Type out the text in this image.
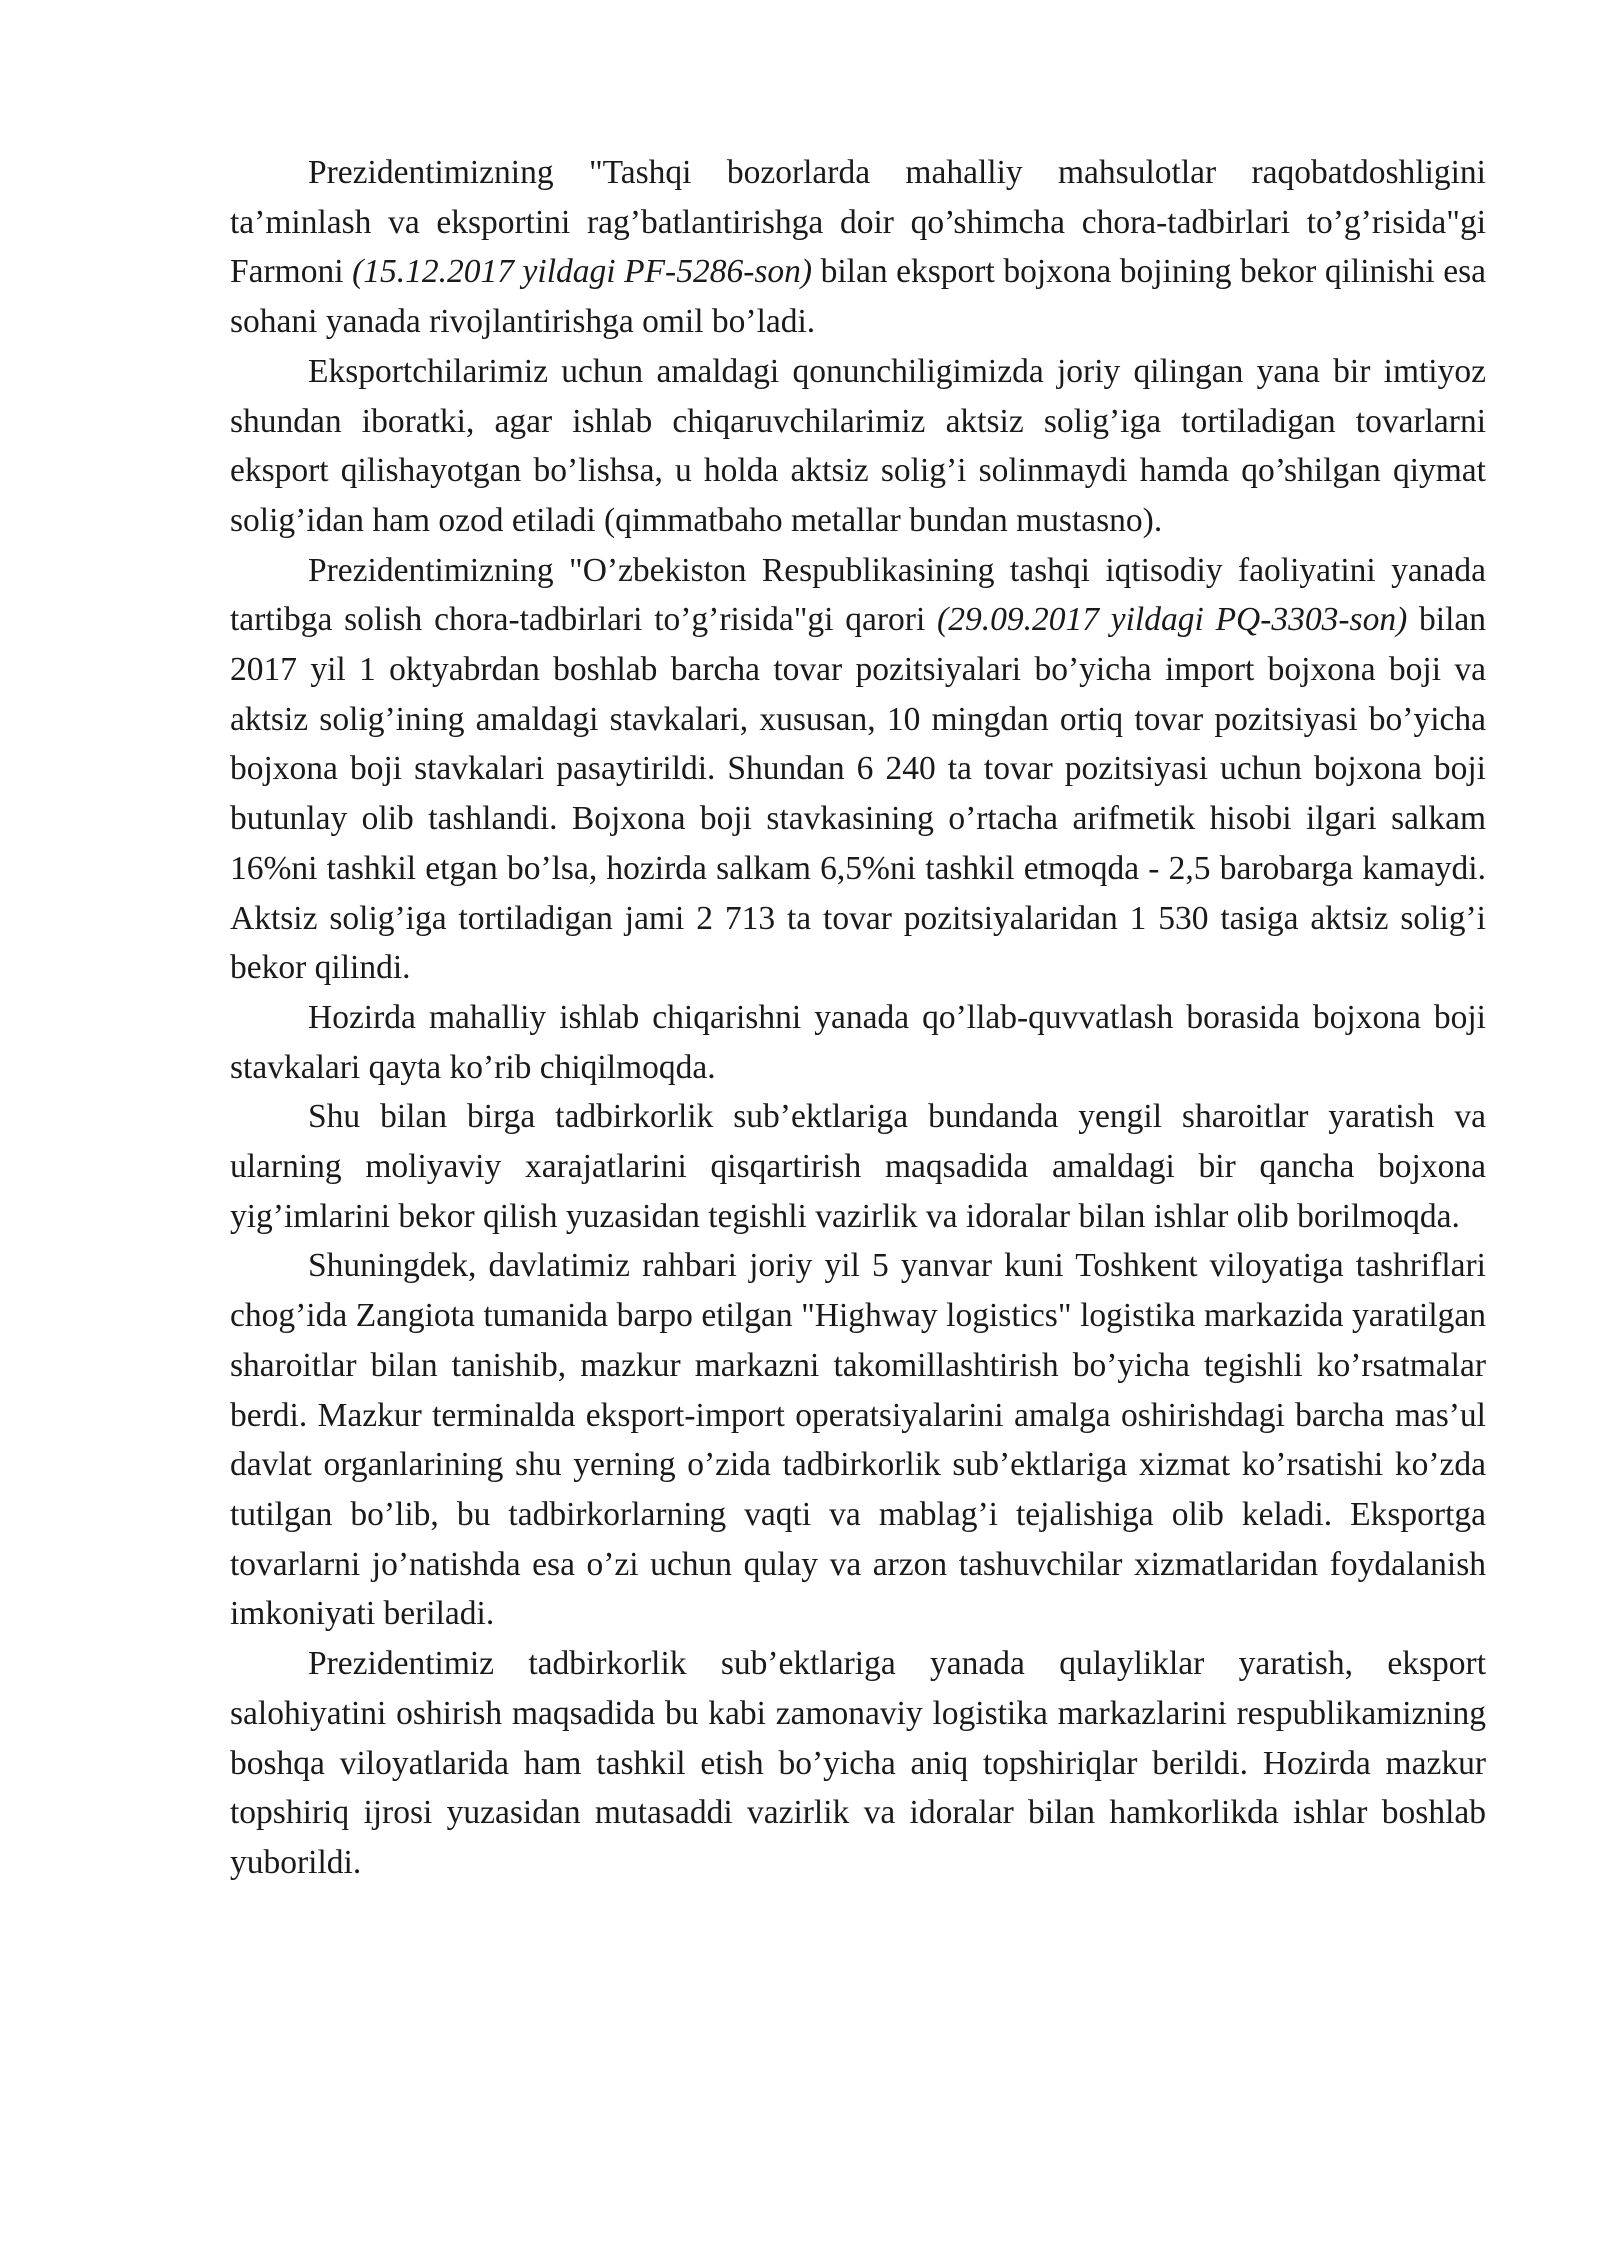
Prezidentimizning "Tashqi bozorlarda mahalliy mahsulotlar raqobatdoshligini ta’minlash va eksportini rag’batlantirishga doir qo’shimcha chora-tadbirlari to’g’risida"gi Farmoni (15.12.2017 yildagi PF-5286-son) bilan eksport bojxona bojining bekor qilinishi esa sohani yanada rivojlantirishga omil bo’ladi.

Eksportchilarimiz uchun amaldagi qonunchiligimizda joriy qilingan yana bir imtiyoz shundan iboratki, agar ishlab chiqaruvchilarimiz aktsiz solig’iga tortiladigan tovarlarni eksport qilishayotgan bo’lishsa, u holda aktsiz solig’i solinmaydi hamda qo’shilgan qiymat solig’idan ham ozod etiladi (qimmatbaho metallar bundan mustasno).

Prezidentimizning "O’zbekiston Respublikasining tashqi iqtisodiy faoliyatini yanada tartibga solish chora-tadbirlari to’g’risida"gi qarori (29.09.2017 yildagi PQ-3303-son) bilan 2017 yil 1 oktyabrdan boshlab barcha tovar pozitsiyalari bo’yicha import bojxona boji va aktsiz solig’ining amaldagi stavkalari, xususan, 10 mingdan ortiq tovar pozitsiyasi bo’yicha bojxona boji stavkalari pasaytirildi. Shundan 6 240 ta tovar pozitsiyasi uchun bojxona boji butunlay olib tashlandi. Bojxona boji stavkasining o’rtacha arifmetik hisobi ilgari salkam 16%ni tashkil etgan bo’lsa, hozirda salkam 6,5%ni tashkil etmoqda - 2,5 barobarga kamaydi. Aktsiz solig’iga tortiladigan jami 2 713 ta tovar pozitsiyalaridan 1 530 tasiga aktsiz solig’i bekor qilindi.

Hozirda mahalliy ishlab chiqarishni yanada qo’llab-quvvatlash borasida bojxona boji stavkalari qayta ko’rib chiqilmoqda.

Shu bilan birga tadbirkorlik sub’ektlariga bundanda yengil sharoitlar yaratish va ularning moliyaviy xarajatlarini qisqartirish maqsadida amaldagi bir qancha bojxona yig’imlarini bekor qilish yuzasidan tegishli vazirlik va idoralar bilan ishlar olib borilmoqda.

Shuningdek, davlatimiz rahbari joriy yil 5 yanvar kuni Toshkent viloyatiga tashriflari chog’ida Zangiota tumanida barpo etilgan "Highway logistics" logistika markazida yaratilgan sharoitlar bilan tanishib, mazkur markazni takomillashtirish bo’yicha tegishli ko’rsatmalar berdi. Mazkur terminalda eksport-import operatsiyalarini amalga oshirishdagi barcha mas’ul davlat organlarining shu yerning o’zida tadbirkorlik sub’ektlariga xizmat ko’rsatishi ko’zda tutilgan bo’lib, bu tadbirkorlarning vaqti va mablag’i tejalishiga olib keladi. Eksportga tovarlarni jo’natishda esa o’zi uchun qulay va arzon tashuvchilar xizmatlaridan foydalanish imkoniyati beriladi.

Prezidentimiz tadbirkorlik sub’ektlariga yanada qulayliklar yaratish, eksport salohiyatini oshirish maqsadida bu kabi zamonaviy logistika markazlarini respublikamizning boshqa viloyatlarida ham tashkil etish bo’yicha aniq topshiriqlar berildi. Hozirda mazkur topshiriq ijrosi yuzasidan mutasaddi vazirlik va idoralar bilan hamkorlikda ishlar boshlab yuborildi.
